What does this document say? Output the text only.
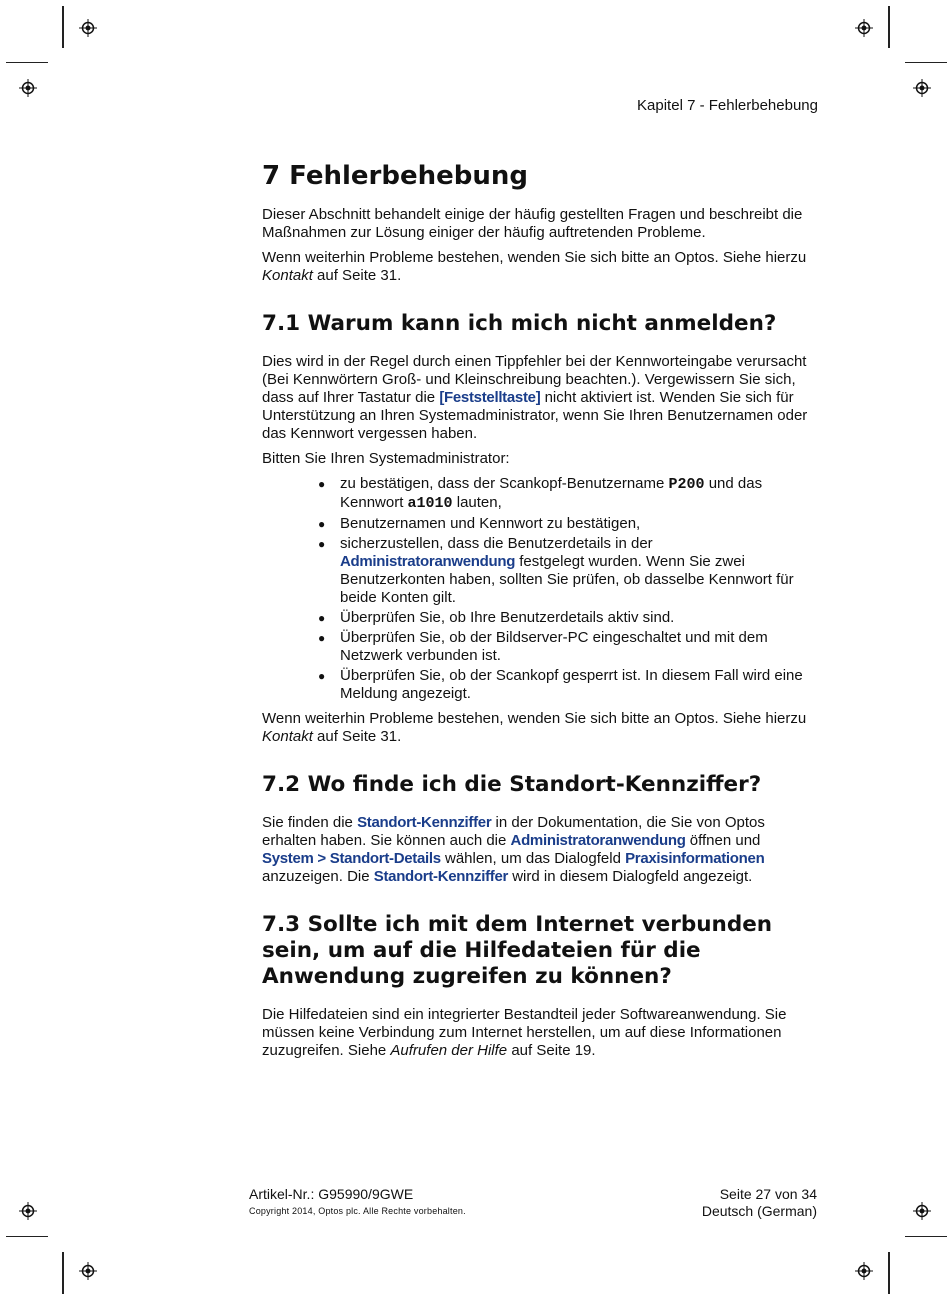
Kapitel 7 - Fehlerbehebung
7 Fehlerbehebung

Dieser Abschnitt behandelt einige der häufig gestellten Fragen und beschreibt die Maßnahmen zur Lösung einiger der häufig auftretenden Probleme.

Wenn weiterhin Probleme bestehen, wenden Sie sich bitte an Optos. Siehe hierzu Kontakt auf Seite 31.

7.1 Warum kann ich mich nicht anmelden?

Dies wird in der Regel durch einen Tippfehler bei der Kennworteingabe verursacht (Bei Kennwörtern Groß- und Kleinschreibung beachten.). Vergewissern Sie sich, dass auf Ihrer Tastatur die [Feststelltaste] nicht aktiviert ist. Wenden Sie sich für Unterstützung an Ihren Systemadministrator, wenn Sie Ihren Benutzernamen oder das Kennwort vergessen haben.

Bitten Sie Ihren Systemadministrator:

● zu bestätigen, dass der Scankopf-Benutzername P200 und das Kennwort a1010 lauten,
● Benutzernamen und Kennwort zu bestätigen,
● sicherzustellen, dass die Benutzerdetails in der Administratoranwendung festgelegt wurden. Wenn Sie zwei Benutzerkonten haben, sollten Sie prüfen, ob dasselbe Kennwort für beide Konten gilt.
● Überprüfen Sie, ob Ihre Benutzerdetails aktiv sind.
● Überprüfen Sie, ob der Bildserver-PC eingeschaltet und mit dem Netzwerk verbunden ist.
● Überprüfen Sie, ob der Scankopf gesperrt ist. In diesem Fall wird eine Meldung angezeigt.

Wenn weiterhin Probleme bestehen, wenden Sie sich bitte an Optos. Siehe hierzu Kontakt auf Seite 31.

7.2 Wo finde ich die Standort-Kennziffer?

Sie finden die Standort-Kennziffer in der Dokumentation, die Sie von Optos erhalten haben. Sie können auch die Administratoranwendung öffnen und System > Standort-Details wählen, um das Dialogfeld Praxisinformationen anzuzeigen. Die Standort-Kennziffer wird in diesem Dialogfeld angezeigt.

7.3 Sollte ich mit dem Internet verbunden sein, um auf die Hilfedateien für die Anwendung zugreifen zu können?

Die Hilfedateien sind ein integrierter Bestandteil jeder Softwareanwendung. Sie müssen keine Verbindung zum Internet herstellen, um auf diese Informationen zuzugreifen. Siehe Aufrufen der Hilfe auf Seite 19.

Artikel-Nr.: G95990/9GWE
Copyright 2014, Optos plc. Alle Rechte vorbehalten.
Seite 27 von 34
Deutsch (German)
